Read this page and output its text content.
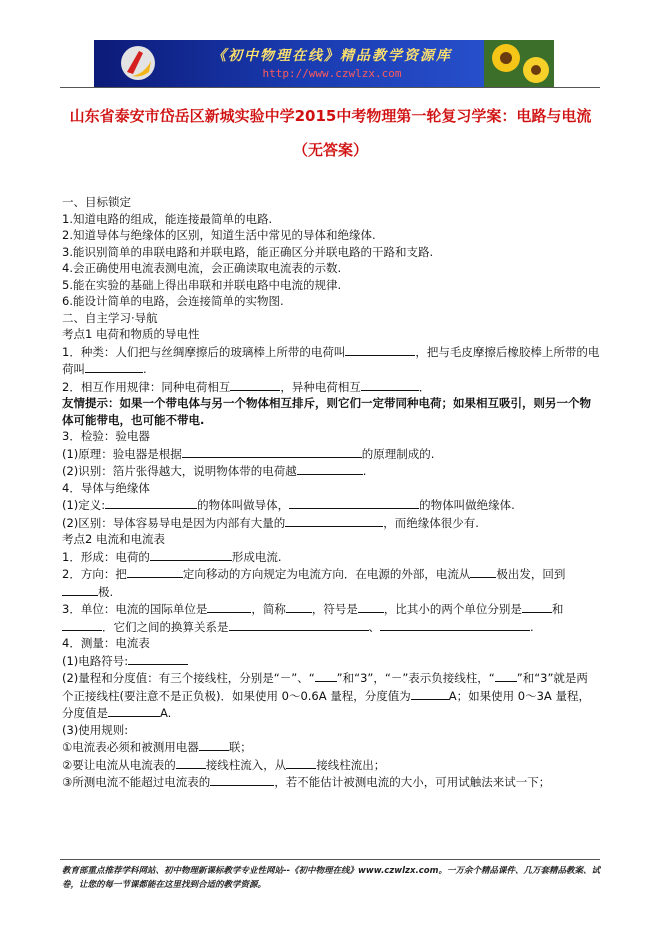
《初中物理在线》精品教学资源库
http://www.czwlzx.com
山东省泰安市岱岳区新城实验中学2015中考物理第一轮复习学案：电路与电流（无答案）

一、目标锁定

1.知道电路的组成，能连接最简单的电路.

2.知道导体与绝缘体的区别，知道生活中常见的导体和绝缘体.

3.能识别简单的串联电路和并联电路，能正确区分并联电路的干路和支路.

4.会正确使用电流表测电流，会正确读取电流表的示数.

5.能在实验的基础上得出串联和并联电路中电流的规律.

6.能设计简单的电路，会连接简单的实物图.

二、自主学习·导航

考点1 电荷和物质的导电性

1．种类：人们把与丝绸摩擦后的玻璃棒上所带的电荷叫	，把与毛皮摩擦后橡胶棒上所带的电

荷叫	.

2．相互作用规律：同种电荷相互	，异种电荷相互	．

友情提示：如果一个带电体与另一个物体相互排斥，则它们一定带同种电荷；如果相互吸引，则另一个物体可能带电，也可能不带电.

3．检验：验电器

(1)原理：验电器是根据	的原理制成的.

(2)识别：箔片张得越大，说明物体带的电荷越	.

4．导体与绝缘体

(1)定义:	的物体叫做导体，	的物体叫做绝缘体.

(2)区别：导体容易导电是因为内部有大量的	，而绝缘体很少有.

考点2 电流和电流表

1．形成：电荷的	形成电流.

2．方向：把	定向移动的方向规定为电流方向．在电源的外部，电流从 极出发，回到

极.

3．单位：电流的国际单位是	，简称 ，符号是 ，比其小的两个单位分别是	和

．它们之间的换算关系是	、	.

4．测量：电流表

(1)电路符号:

(2)量程和分度值：有三个接线柱，分别是“－”、“ ”和“3”，“－”表示负接线柱，“ ”和“3”就是两

个正接线柱(要注意不是正负极)．如果使用 0～0.6A 量程，分度值为	A；如果使用 0～3A 量程，

分度值是	A.

(3)使用规则:

①电流表必须和被测用电器	联；

②要让电流从电流表的	接线柱流入，从	接线柱流出；

③所测电流不能超过电流表的	，若不能估计被测电流的大小，可用试触法来试一下；

教育部重点推荐学科网站、初中物理新课标教学专业性网站--《初中物理在线》www.czwlzx.com。一万余个精品课件、几万套精品教案、试卷，让您的每一节课都能在这里找到合适的教学资源。
